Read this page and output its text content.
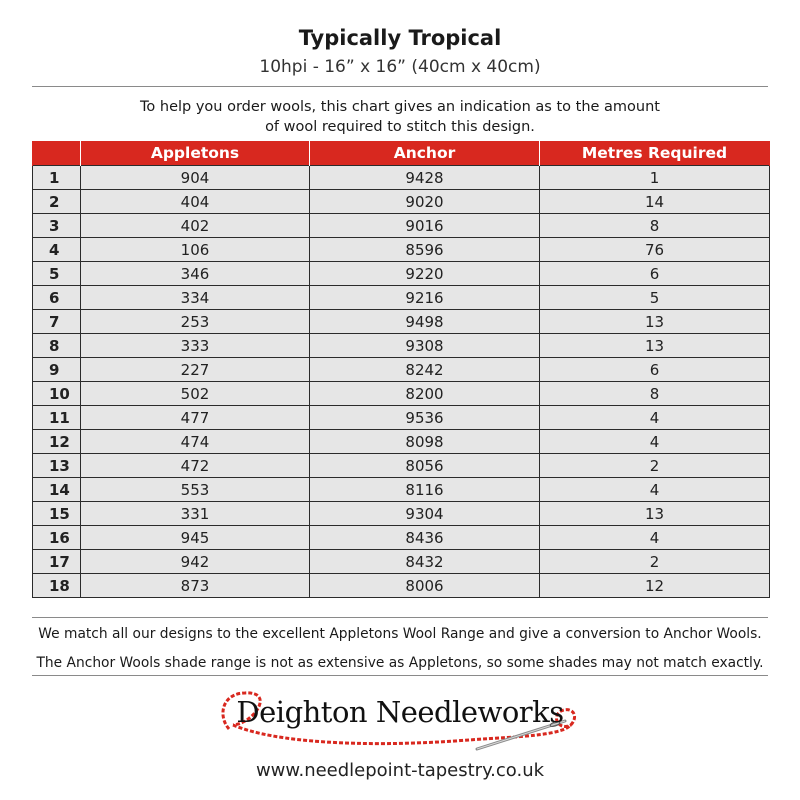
Typically Tropical
10hpi - 16” x 16” (40cm x 40cm)
To help you order wools, this chart gives an indication as to the amount
of wool required to stitch this design.
	Appletons	Anchor	Metres Required
1	904	9428	1
2	404	9020	14
3	402	9016	8
4	106	8596	76
5	346	9220	6
6	334	9216	5
7	253	9498	13
8	333	9308	13
9	227	8242	6
10	502	8200	8
11	477	9536	4
12	474	8098	4
13	472	8056	2
14	553	8116	4
15	331	9304	13
16	945	8436	4
17	942	8432	2
18	873	8006	12
We match all our designs to the excellent Appletons Wool Range and give a conversion to Anchor Wools.
The Anchor Wools shade range is not as extensive as Appletons, so some shades may not match exactly.
Deighton Needleworks
www.needlepoint-tapestry.co.uk
